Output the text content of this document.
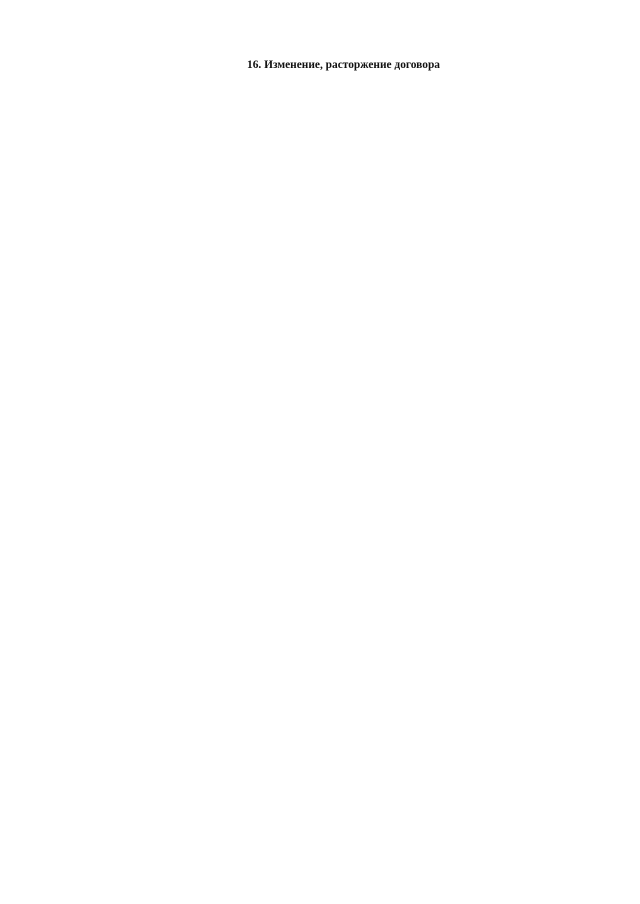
16. Изменение, расторжение договора
